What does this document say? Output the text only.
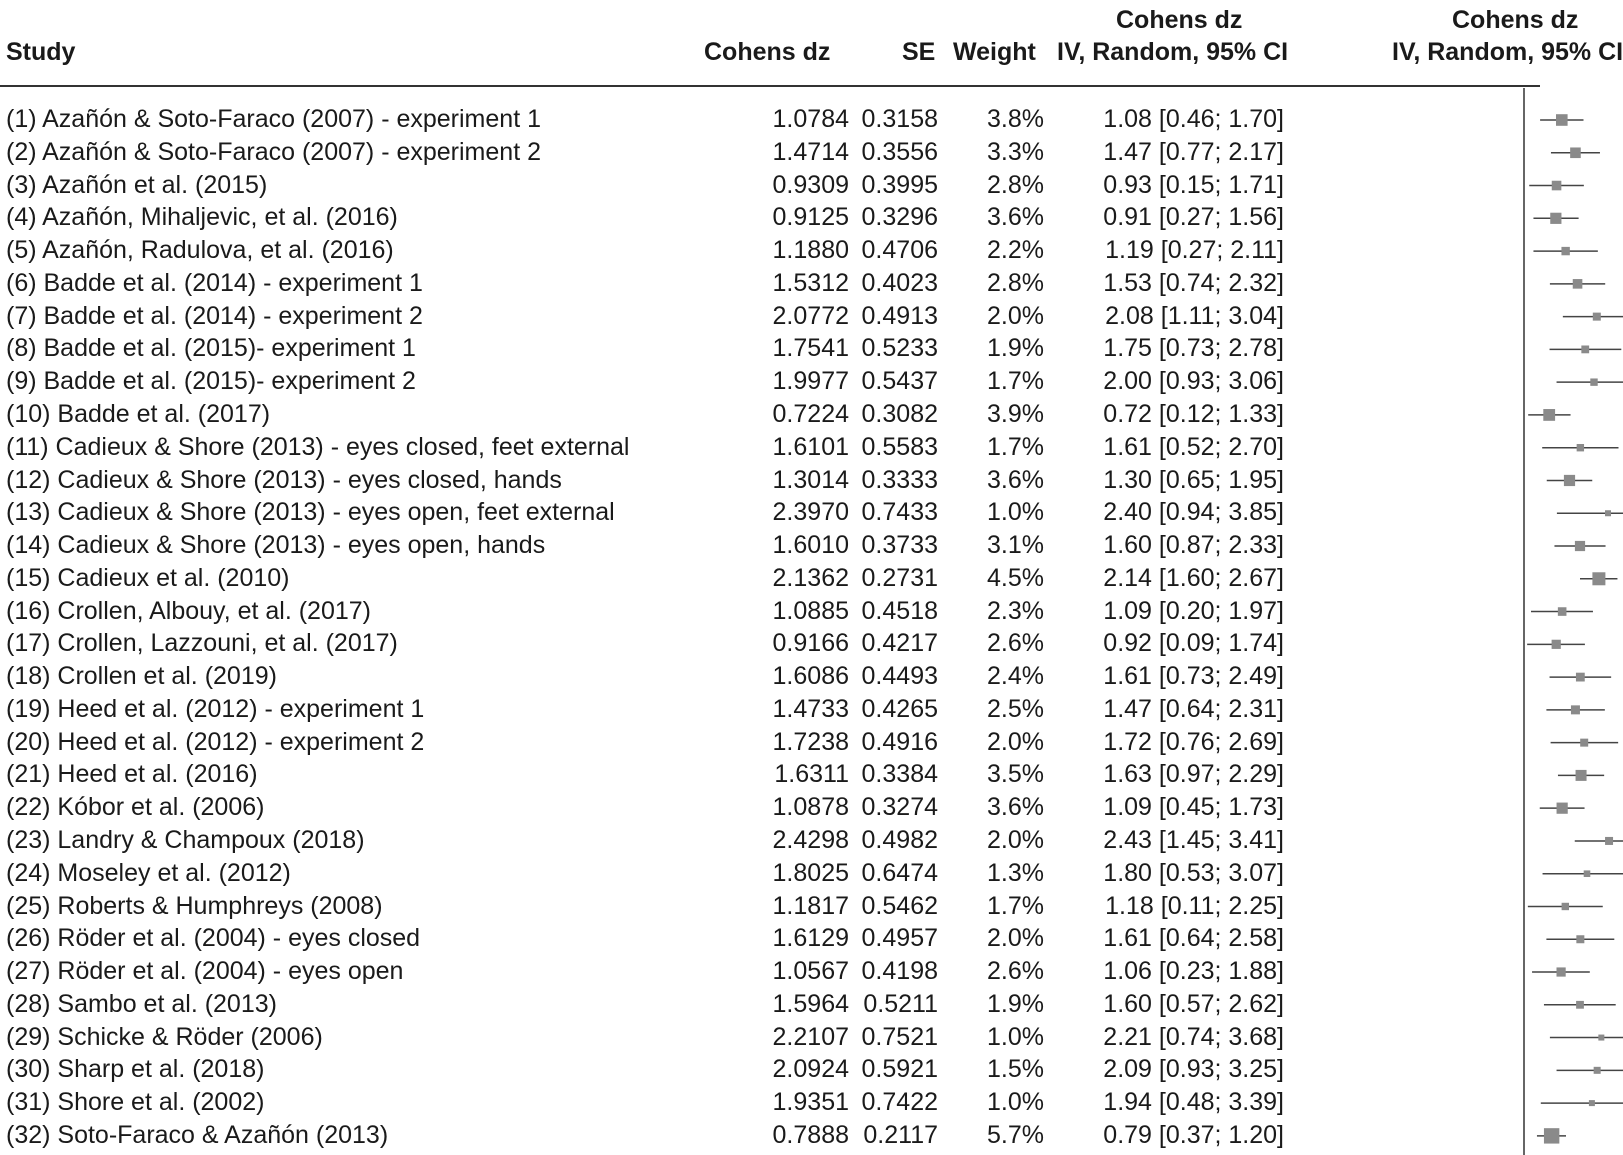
Study	Cohens dz	SE Weight
Cohens dz
IV, Random, 95% CI
Cohens dz
IV, Random, 95% CI
(1) Azañón & Soto-Faraco (2007) - experiment 1	1.0784 0.3158 3.8% 1.08 [0.46; 1.70]
(2) Azañón & Soto-Faraco (2007) - experiment 2	1.4714 0.3556 3.3% 1.47 [0.77; 2.17]
(3) Azañón et al. (2015)	0.9309 0.3995 2.8% 0.93 [0.15; 1.71]
(4) Azañón, Mihaljevic, et al. (2016)	0.9125 0.3296 3.6% 0.91 [0.27; 1.56]
(5) Azañón, Radulova, et al. (2016)	1.1880 0.4706 2.2% 1.19 [0.27; 2.11]
(6) Badde et al. (2014) - experiment 1	1.5312 0.4023 2.8% 1.53 [0.74; 2.32]
(7) Badde et al. (2014) - experiment 2	2.0772 0.4913 2.0% 2.08 [1.11; 3.04]
(8) Badde et al. (2015)- experiment 1	1.7541 0.5233 1.9% 1.75 [0.73; 2.78]
(9) Badde et al. (2015)- experiment 2	1.9977 0.5437 1.7% 2.00 [0.93; 3.06]
(10) Badde et al. (2017)	0.7224 0.3082 3.9% 0.72 [0.12; 1.33]
(11) Cadieux & Shore (2013) - eyes closed, feet external	1.6101 0.5583 1.7% 1.61 [0.52; 2.70]
(12) Cadieux & Shore (2013) - eyes closed, hands	1.3014 0.3333 3.6% 1.30 [0.65; 1.95]
(13) Cadieux & Shore (2013) - eyes open, feet external	2.3970 0.7433 1.0% 2.40 [0.94; 3.85]
(14) Cadieux & Shore (2013) - eyes open, hands	1.6010 0.3733 3.1% 1.60 [0.87; 2.33]
(15) Cadieux et al. (2010)	2.1362 0.2731 4.5% 2.14 [1.60; 2.67]
(16) Crollen, Albouy, et al. (2017)	1.0885 0.4518 2.3% 1.09 [0.20; 1.97]
(17) Crollen, Lazzouni, et al. (2017)	0.9166 0.4217 2.6% 0.92 [0.09; 1.74]
(18) Crollen et al. (2019)	1.6086 0.4493 2.4% 1.61 [0.73; 2.49]
(19) Heed et al. (2012) - experiment 1	1.4733 0.4265 2.5% 1.47 [0.64; 2.31]
(20) Heed et al. (2012) - experiment 2	1.7238 0.4916 2.0% 1.72 [0.76; 2.69]
(21) Heed et al. (2016)	1.6311 0.3384 3.5% 1.63 [0.97; 2.29]
(22) Kóbor et al. (2006)	1.0878 0.3274 3.6% 1.09 [0.45; 1.73]
(23) Landry & Champoux (2018)	2.4298 0.4982 2.0% 2.43 [1.45; 3.41]
(24) Moseley et al. (2012)	1.8025 0.6474 1.3% 1.80 [0.53; 3.07]
(25) Roberts & Humphreys (2008)	1.1817 0.5462 1.7% 1.18 [0.11; 2.25]
(26) Röder et al. (2004) - eyes closed	1.6129 0.4957 2.0% 1.61 [0.64; 2.58]
(27) Röder et al. (2004) - eyes open	1.0567 0.4198 2.6% 1.06 [0.23; 1.88]
(28) Sambo et al. (2013)	1.5964 0.5211 1.9% 1.60 [0.57; 2.62]
(29) Schicke & Röder (2006)	2.2107 0.7521 1.0% 2.21 [0.74; 3.68]
(30) Sharp et al. (2018)	2.0924 0.5921 1.5% 2.09 [0.93; 3.25]
(31) Shore et al. (2002)	1.9351 0.7422 1.0% 1.94 [0.48; 3.39]
(32) Soto-Faraco & Azañón (2013)	0.7888 0.2117 5.7% 0.79 [0.37; 1.20]
